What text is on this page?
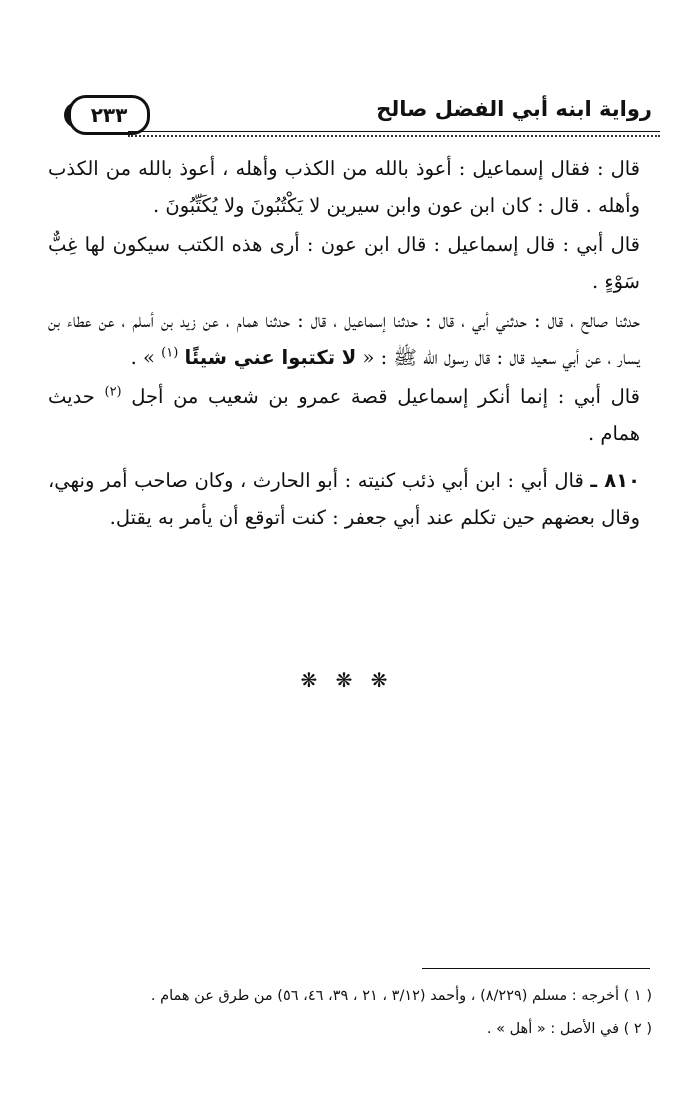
٢٣٣	رواية ابنه أبي الفضل صالح

قال : فقال إسماعيل : أعوذ بالله من الكذب وأهله ، أعوذ بالله من الكذب وأهله . قال : كان ابن عون وابن سيرين لا يَكْتُبُونَ ولا يُكَتِّبُونَ .

قال أبي : قال إسماعيل : قال ابن عون : أرى هذه الكتب سيكون لها غِبٌّ سَوْءٍ .

حدثنا صالح ، قال : حدثني أبي ، قال : حدثنا إسماعيل ، قال : حدثنا همام ، عن زيد بن أسلم ، عن عطاء بن يسار ، عن أبي سعيد قال : قال رسول الله ﷺ : « لا تكتبوا عني شيئًا $^{(١)}$ » .

قال أبي : إنما أنكر إسماعيل قصة عمرو بن شعيب من أجل $^{(٢)}$ حديث همام .

٨١٠ ـ قال أبي : ابن أبي ذئب كنيته : أبو الحارث ، وكان صاحب أمر ونهي، وقال بعضهم حين تكلم عند أبي جعفر : كنت أتوقع أن يأمر به يقتل.

❋ ❋ ❋

( ١ ) أخرجه : مسلم (٨/٢٢٩) ، وأحمد (٣/١٢ ، ٢١ ، ٣٩، ٤٦، ٥٦) من طرق عن همام .

( ٢ ) في الأصل : « أهل » .
